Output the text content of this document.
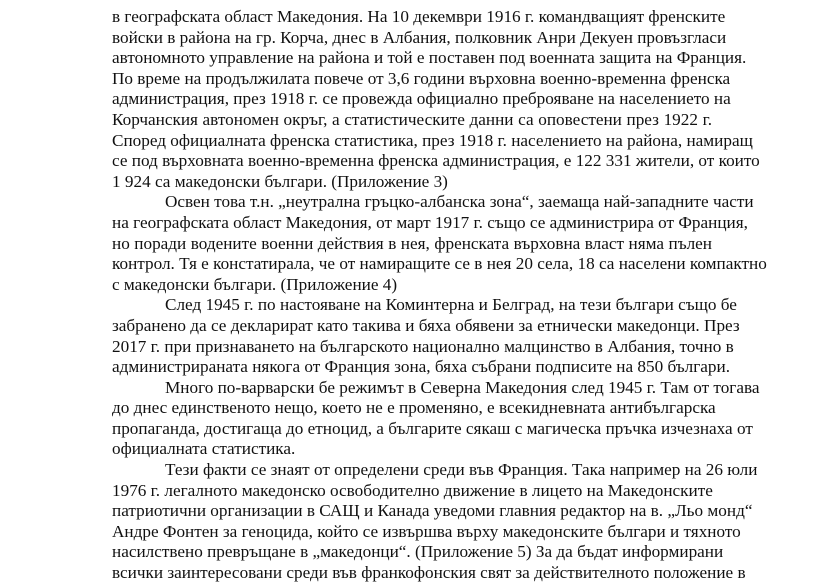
в географската област Македония. На 10 декември 1916 г. командващият френските
войски в района на гр. Корча, днес в Албания, полковник Анри Декуен провъзгласи
автономното управление на района и той е поставен под военната защита на Франция.
По време на продължилата повече от 3,6 години върховна военно-временна френска
администрация, през 1918 г. се провежда официално преброяване на населението на
Корчанския автономен окръг, а статистическите данни са оповестени през 1922 г.
Според официалната френска статистика, през 1918 г. населението на района, намиращ
се под върховната военно-временна френска администрация, е 122 331 жители, от които
1 924 са македонски българи. (Приложение 3)
Освен това т.н. „неутрална гръцко-албанска зона“, заемаща най-западните части
на географската област Македония, от март 1917 г. също се администрира от Франция,
но поради водените военни действия в нея, френската върховна власт няма пълен
контрол. Тя е констатирала, че от намиращите се в нея 20 села, 18 са населени компактно
с македонски българи. (Приложение 4)
След 1945 г. по настояване на Коминтерна и Белград, на тези българи също бе
забранено да се декларират като такива и бяха обявени за етнически македонци. През
2017 г. при признаването на българското национално малцинство в Албания, точно в
администрираната някога от Франция зона, бяха събрани подписите на 850 българи.
Много по-варварски бе режимът в Северна Македония след 1945 г. Там от тогава
до днес единственото нещо, което не е променяно, е всекидневната антибългарска
пропаганда, достигаща до етноцид, а българите сякаш с магическа пръчка изчезнаха от
официалната статистика.
Тези факти се знаят от определени среди във Франция. Така например на 26 юли
1976 г. легалното македонско освободително движение в лицето на Македонските
патриотични организации в САЩ и Канада уведоми главния редактор на в. „Льо монд“
Андре Фонтен за геноцида, който се извършва върху македонските българи и тяхното
насилствено превръщане в „македонци“. (Приложение 5) За да бъдат информирани
всички заинтересовани среди във франкофонския свят за действителното положение в
